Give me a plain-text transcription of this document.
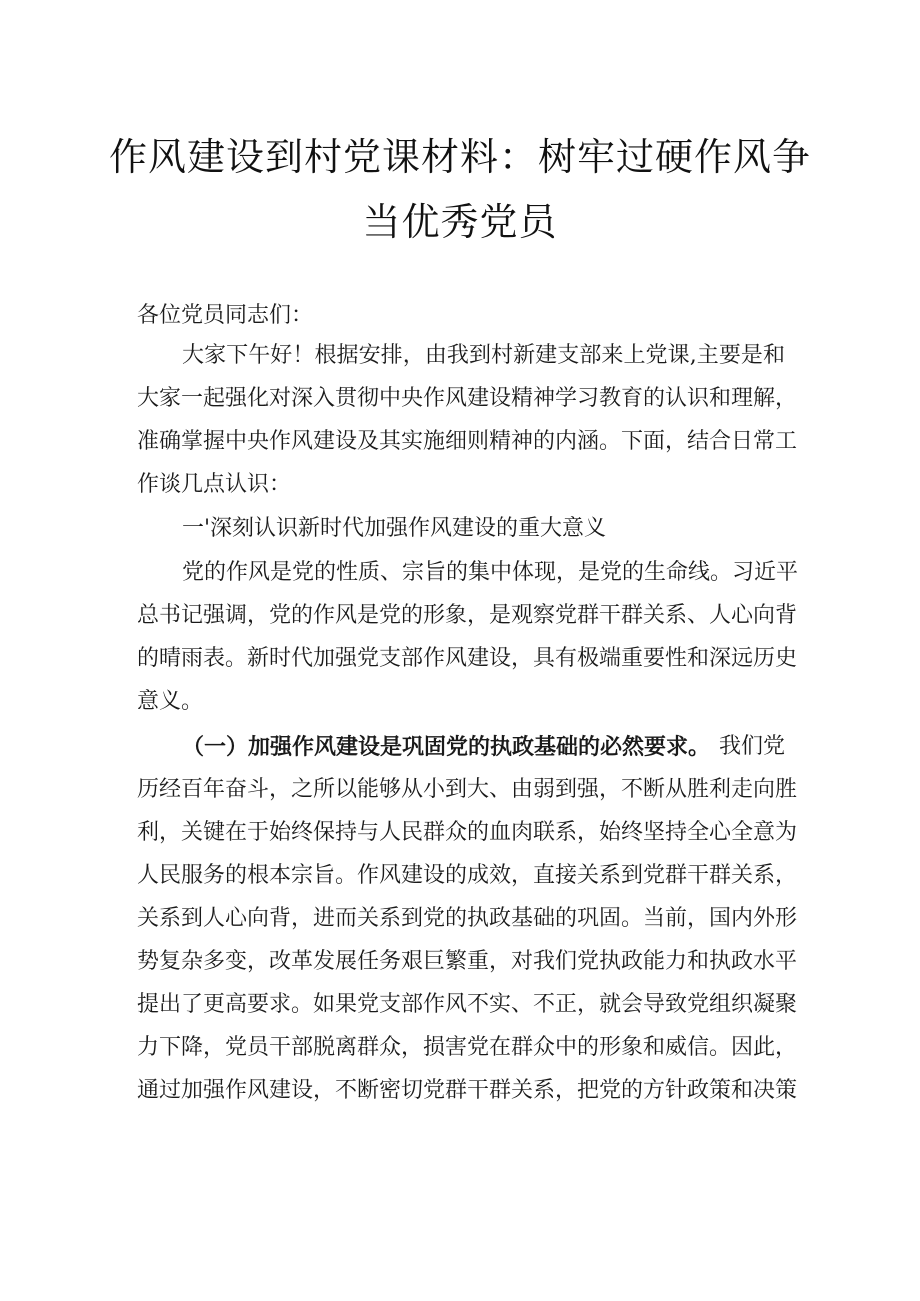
作风建设到村党课材料：树牢过硬作风争
当优秀党员
各位党员同志们：
大家下午好！根据安排，由我到村新建支部来上党课,主要是和
大家一起强化对深入贯彻中央作风建设精神学习教育的认识和理解，
准确掌握中央作风建设及其实施细则精神的内涵。下面，结合日常工
作谈几点认识：
一'深刻认识新时代加强作风建设的重大意义
党的作风是党的性质、宗旨的集中体现，是党的生命线。习近平
总书记强调，党的作风是党的形象，是观察党群干群关系、人心向背
的晴雨表。新时代加强党支部作风建设，具有极端重要性和深远历史
意义。
（一）加强作风建设是巩固党的执政基础的必然要求。 我们党
历经百年奋斗，之所以能够从小到大、由弱到强，不断从胜利走向胜
利，关键在于始终保持与人民群众的血肉联系，始终坚持全心全意为
人民服务的根本宗旨。作风建设的成效，直接关系到党群干群关系，
关系到人心向背，进而关系到党的执政基础的巩固。当前，国内外形
势复杂多变，改革发展任务艰巨繁重，对我们党执政能力和执政水平
提出了更高要求。如果党支部作风不实、不正，就会导致党组织凝聚
力下降，党员干部脱离群众，损害党在群众中的形象和威信。因此，
通过加强作风建设，不断密切党群干群关系，把党的方针政策和决策
